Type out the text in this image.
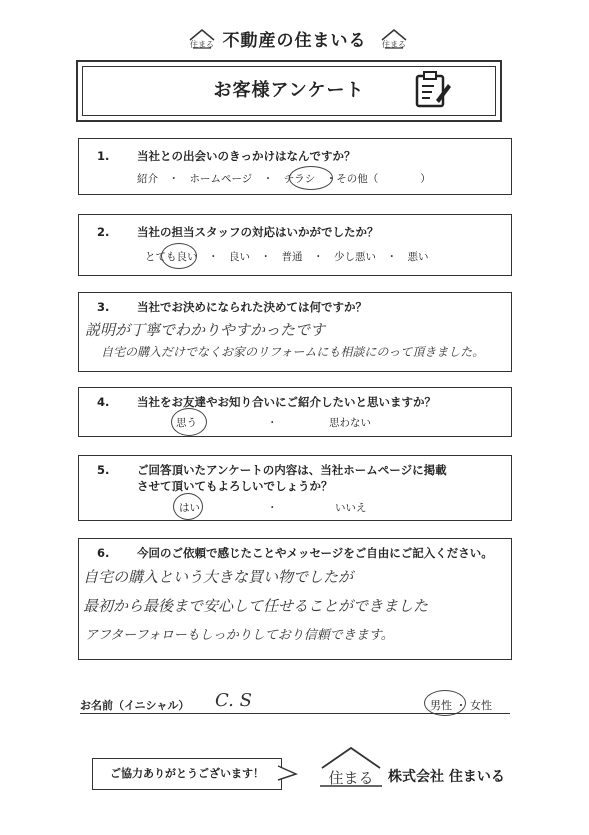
住まる 不動産の住まいる	住まる
お客様アンケート
1. 当社との出会いのきっかけはなんですか？
紹介　・　ホームページ　・　チラシ　・その他（　　　　）
2. 当社の担当スタッフの対応はいかがでしたか？
とても良い　・　良い　・　普通　・　少し悪い　・　悪い
3. 当社でお決めになられた決めては何ですか？
説明が丁寧でわかりやすかったです
自宅の購入だけでなくお家のリフォームにも相談にのって頂きました。
4. 当社をお友達やお知り合いにご紹介したいと思いますか？
思う	・	思わない
5. ご回答頂いたアンケートの内容は、当社ホームページに掲載
させて頂いてもよろしいでしょうか？
はい	・	いいえ
6. 今回のご依頼で感じたことやメッセージをご自由にご記入ください。
自宅の購入という大きな買い物でしたが
最初から最後まで安心して任せることができました
アフターフォローもしっかりしており信頼できます。
お名前（イニシャル） C. S	男性 ・ 女性
ご協力ありがとうございます！	住まる 株式会社 住まいる
